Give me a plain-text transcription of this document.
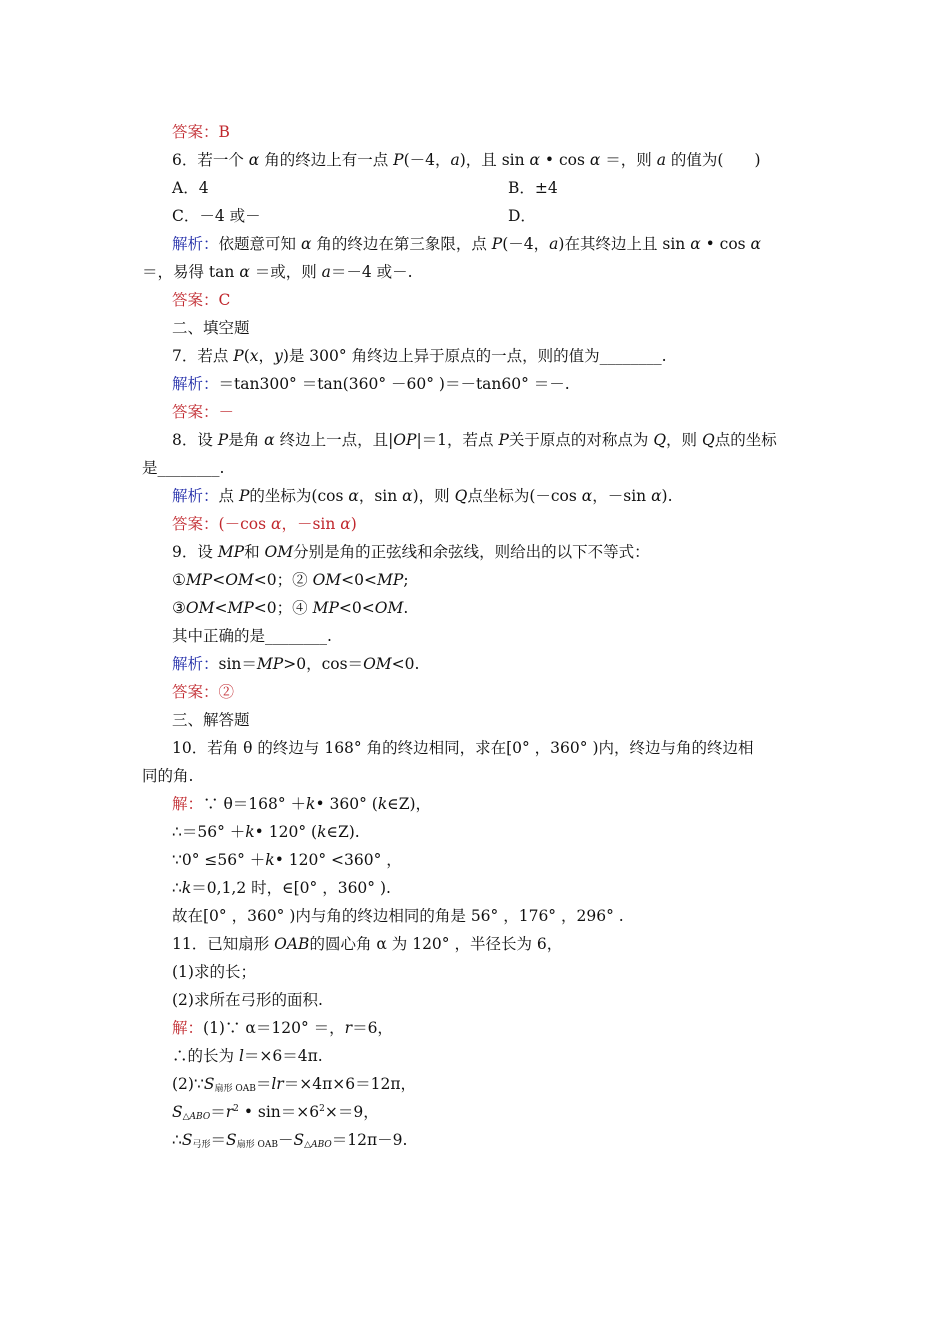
答案：B
6．若一个 α 角的终边上有一点 P(－4，a)，且 sin α • cos α ＝，则 a 的值为(　　)
A．4	B．±4
C．－4 或－	D．
解析：依题意可知 α 角的终边在第三象限，点 P(－4，a)在其终边上且 sin α • cos α
＝，易得 tan α ＝或，则 a＝－4 或－.
答案：C
二、填空题
7．若点 P(x，y)是 300° 角终边上异于原点的一点，则的值为________.
解析：＝tan300° ＝tan(360° －60° )＝－tan60° ＝－.
答案：－
8．设 P是角 α 终边上一点，且|OP|＝1，若点 P关于原点的对称点为 Q，则 Q点的坐标
是________.
解析：点 P的坐标为(cos α，sin α)，则 Q点坐标为(－cos α，－sin α).
答案：(－cos α，－sin α)
9．设 MP和 OM分别是角的正弦线和余弦线，则给出的以下不等式：
①MP<OM<0；② OM<0<MP;
③OM<MP<0；④ MP<0<OM.
其中正确的是________.
解析：sin＝MP>0，cos＝OM<0.
答案：②
三、解答题
10．若角 θ 的终边与 168° 角的终边相同，求在[0° ，360° )内，终边与角的终边相
同的角.
解：∵ θ＝168° ＋k• 360° (k∈Z)，
∴＝56° ＋k• 120° (k∈Z).
∵0° ≤56° ＋k• 120° <360° ，
∴k＝0,1,2 时，∈[0° ，360° ).
故在[0° ，360° )内与角的终边相同的角是 56° ，176° ，296° .
11．已知扇形 OAB的圆心角 α 为 120° ，半径长为 6，
(1)求的长；
(2)求所在弓形的面积.
解：(1)∵ α＝120° ＝，r＝6，
∴的长为 l＝×6＝4π.
$(2)\because S_{扇形 OAB}=lr=\times 4\pi\times 6=12\pi$，
$S_{\triangle ABO}=r^2$ • $\sin=\times 6^2\times=9$，
$\therefore S_{弓形}=S_{扇形 OAB}-S_{\triangle ABO}=12\pi-9$.
